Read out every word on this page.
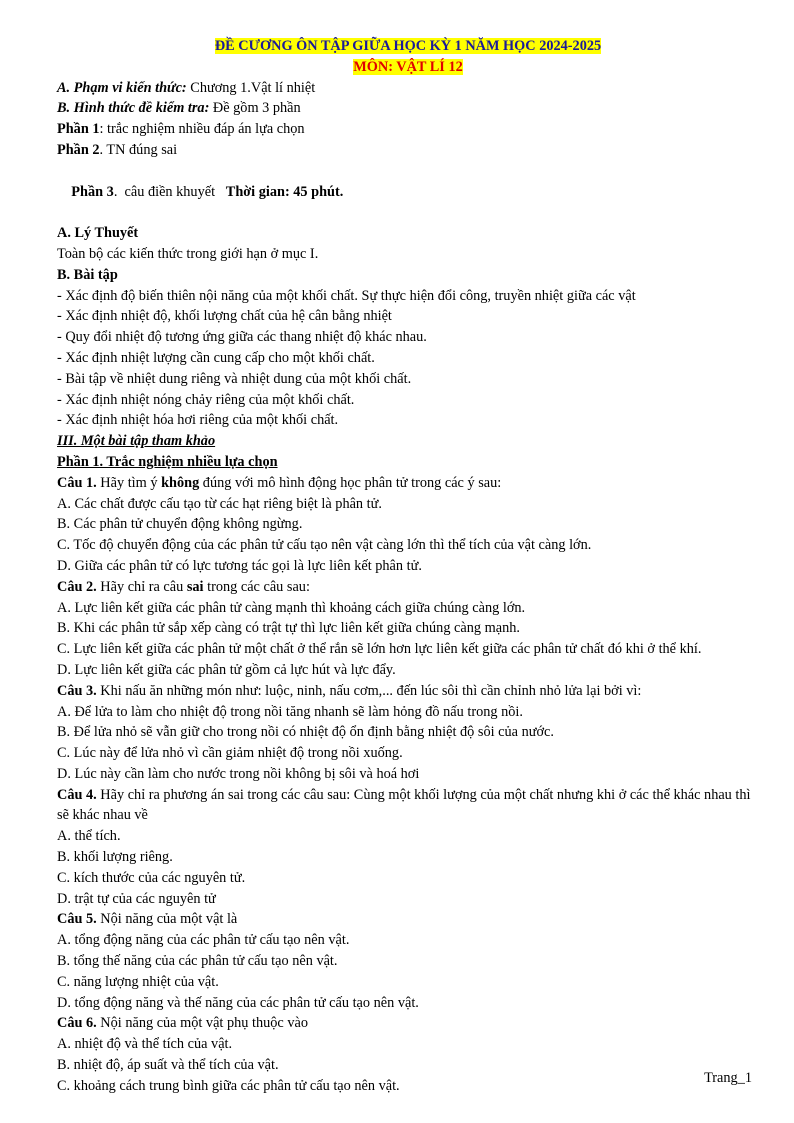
ĐỀ CƯƠNG ÔN TẬP GIỮA HỌC KỲ 1 NĂM HỌC 2024-2025
MÔN: VẬT LÍ 12
A. Phạm vi kiến thức: Chương 1.Vật lí nhiệt
B. Hình thức đề kiểm tra: Đề gồm 3 phần
Phần 1: trắc nghiệm nhiều đáp án lựa chọn
Phần 2. TN đúng sai

Phần 3.  câu điền khuyết   Thời gian: 45 phút.

A. Lý Thuyết
Toàn bộ các kiến thức trong giới hạn ở mục I.
B. Bài tập
- Xác định độ biến thiên nội năng của một khối chất. Sự thực hiện đổi công, truyền nhiệt giữa các vật
- Xác định nhiệt độ, khối lượng chất của hệ cân bằng nhiệt
- Quy đổi nhiệt độ tương ứng giữa các thang nhiệt độ khác nhau.
- Xác định nhiệt lượng cần cung cấp cho một khối chất.
- Bài tập về nhiệt dung riêng và nhiệt dung của một khối chất.
- Xác định nhiệt nóng chảy riêng của một khối chất.
- Xác định nhiệt hóa hơi riêng của một khối chất.
III. Một bài tập tham khảo
Phần 1. Trắc nghiệm nhiều lựa chọn
Câu 1. Hãy tìm ý không đúng với mô hình động học phân tử trong các ý sau:
A. Các chất được cấu tạo từ các hạt riêng biệt là phân tử.
B. Các phân tử chuyển động không ngừng.
C. Tốc độ chuyển động của các phân tử cấu tạo nên vật càng lớn thì thể tích của vật càng lớn.
D. Giữa các phân tử có lực tương tác gọi là lực liên kết phân tử.
Câu 2. Hãy chỉ ra câu sai trong các câu sau:
A. Lực liên kết giữa các phân tử càng mạnh thì khoảng cách giữa chúng càng lớn.
B. Khi các phân tử sắp xếp càng có trật tự thì lực liên kết giữa chúng càng mạnh.
C. Lực liên kết giữa các phân tử một chất ở thể rắn sẽ lớn hơn lực liên kết giữa các phân tử chất đó khi ở thể khí.
D. Lực liên kết giữa các phân tử gồm cả lực hút và lực đẩy.
Câu 3. Khi nấu ăn những món như: luộc, ninh, nấu cơm,... đến lúc sôi thì cần chỉnh nhỏ lửa lại bởi vì:
A. Để lửa to làm cho nhiệt độ trong nồi tăng nhanh sẽ làm hỏng đồ nấu trong nồi.
B. Để lửa nhỏ sẽ vẫn giữ cho trong nồi có nhiệt độ ổn định bằng nhiệt độ sôi của nước.
C. Lúc này để lửa nhỏ vì cần giảm nhiệt độ trong nồi xuống.
D. Lúc này cần làm cho nước trong nồi không bị sôi và hoá hơi
Câu 4. Hãy chỉ ra phương án sai trong các câu sau: Cùng một khối lượng của một chất nhưng khi ở các thể khác nhau thì sẽ khác nhau về
A. thể tích.
B. khối lượng riêng.
C. kích thước của các nguyên tử.
D. trật tự của các nguyên tử
Câu 5. Nội năng của một vật là
A. tổng động năng của các phân tử cấu tạo nên vật.
B. tổng thế năng của các phân tử cấu tạo nên vật.
C. năng lượng nhiệt của vật.
D. tổng động năng và thế năng của các phân tử cấu tạo nên vật.
Câu 6. Nội năng của một vật phụ thuộc vào
A. nhiệt độ và thể tích của vật.
B. nhiệt độ, áp suất và thể tích của vật.
C. khoảng cách trung bình giữa các phân tử cấu tạo nên vật.	Trang_1
